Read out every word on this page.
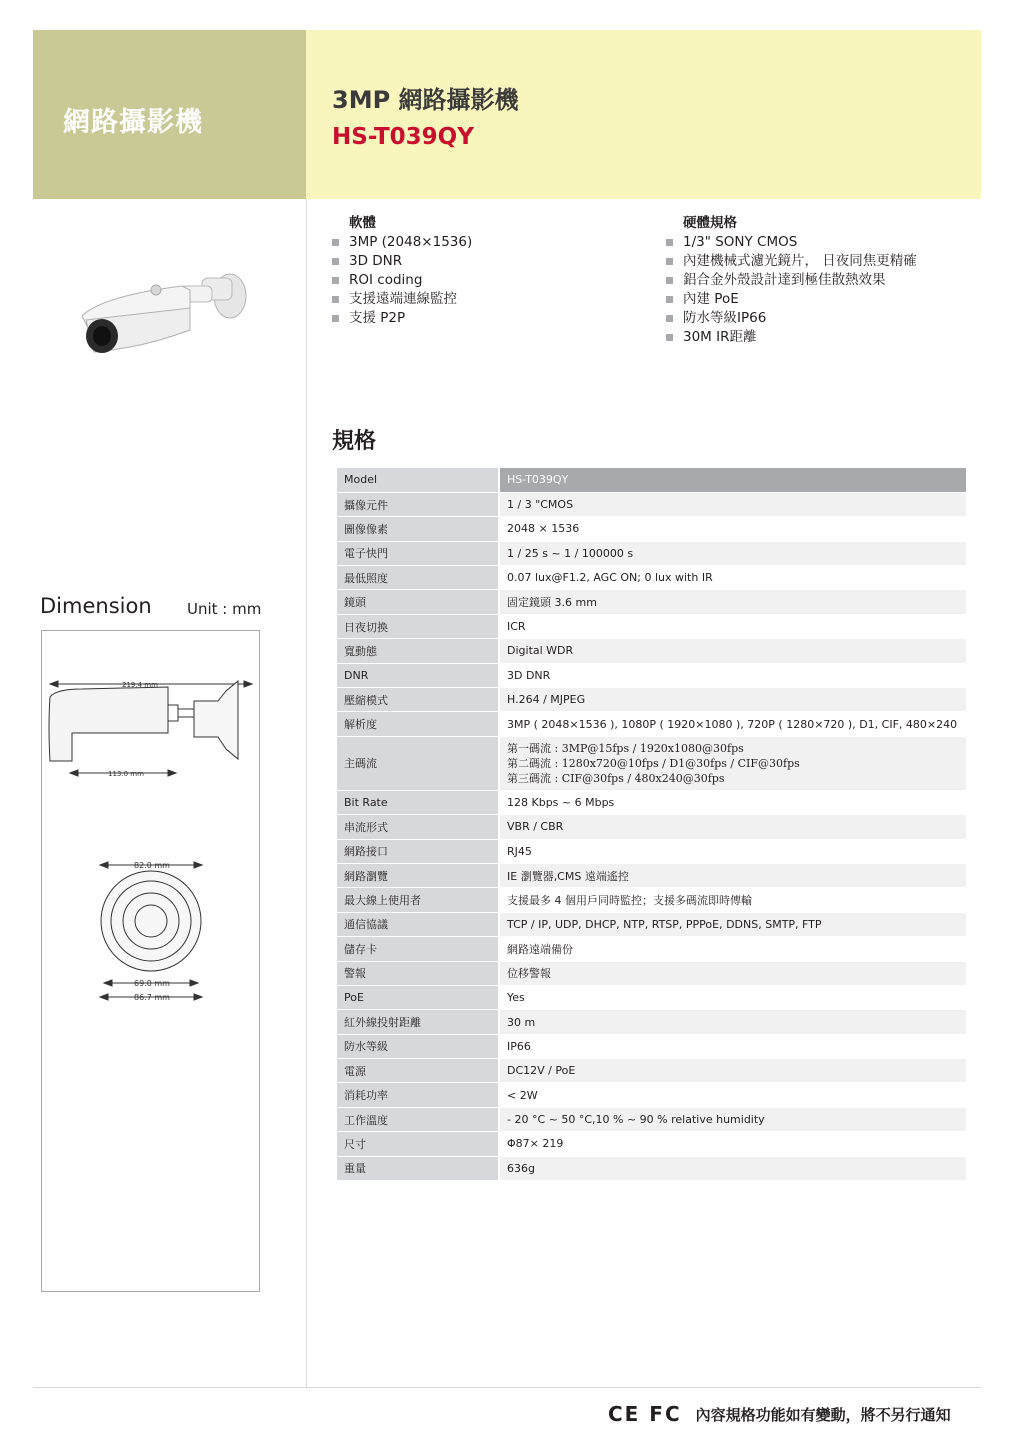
網路攝影機
3MP 網路攝影機
HS-T039QY
軟體
3MP (2048×1536)
3D DNR
ROI coding
支援遠端連線監控
支援 P2P
硬體規格
1/3" SONY CMOS
內建機械式濾光鏡片， 日夜同焦更精確
鋁合金外殼設計達到極佳散熱效果
內建 PoE
防水等級IP66
30M IR距離
規格
Model	HS-T039QY
攝像元件	1 / 3 "CMOS
圖像像素	2048 × 1536
電子快門	1 / 25 s ~ 1 / 100000 s
最低照度	0.07 lux@F1.2, AGC ON; 0 lux with IR
鏡頭	固定鏡頭 3.6 mm
日夜切換	ICR
寬動態	Digital WDR
DNR	3D DNR
壓縮模式	H.264 / MJPEG
解析度	3MP ( 2048×1536 ), 1080P ( 1920×1080 ), 720P ( 1280×720 ), D1, CIF, 480×240
主碼流	第一碼流 : 3MP@15fps / 1920x1080@30fps
第二碼流 : 1280x720@10fps / D1@30fps / CIF@30fps
第三碼流 : CIF@30fps / 480x240@30fps

Bit Rate	128 Kbps ~ 6 Mbps
串流形式	VBR / CBR
網路接口	RJ45
網路瀏覽	IE 瀏覽器,CMS 遠端遙控
最大線上使用者	支援最多 4 個用戶同時監控；支援多碼流即時傳輸
通信協議	TCP / IP, UDP, DHCP, NTP, RTSP, PPPoE, DDNS, SMTP, FTP
儲存卡	網路遠端備份
警報	位移警報
PoE	Yes
紅外線投射距離	30 m
防水等級	IP66
電源	DC12V / PoE
消耗功率	< 2W
工作溫度	- 20 °C ~ 50 °C,10 % ~ 90 % relative humidity
尺寸	Φ87× 219
重量	636g
Dimension Unit : mm
219.4 mm
113.0 mm
82.0 mm
69.0 mm
86.7 mm
CE FC 內容規格功能如有變動，將不另行通知
